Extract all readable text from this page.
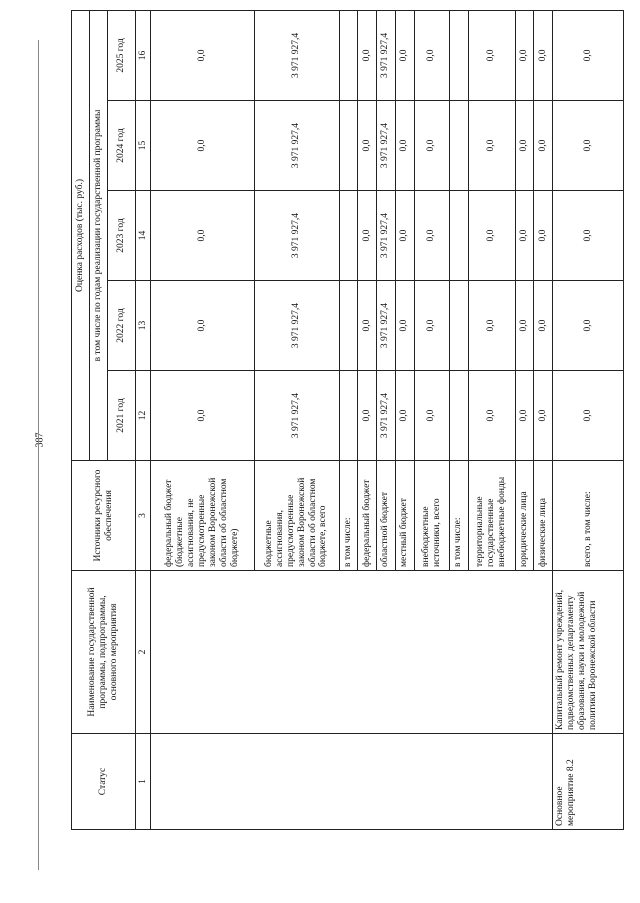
387
Статус	Наименование государственной программы, подпрограммы, основного мероприятия	Источники ресурсного обеспечения	Оценка расходов (тыс. руб.)				
			в том числе по годам реализации государственной программы				
			2021 год	2022 год	2023 год	2024 год	2025 год
1	2	3	12	13	14	15	16
		федеральный бюджет (бюджетные ассигнования, не предусмотренные законом Воронежской области об областном бюджете)	0,0	0,0	0,0	0,0	0,0
		бюджетные ассигнования, предусмотренные законом Воронежской области об областном бюджете, всего	3 971 927,4	3 971 927,4	3 971 927,4	3 971 927,4	3 971 927,4
		в том числе:					
		федеральный бюджет	0,0	0,0	0,0	0,0	0,0
		областной бюджет	3 971 927,4	3 971 927,4	3 971 927,4	3 971 927,4	3 971 927,4
		местный бюджет	0,0	0,0	0,0	0,0	0,0
		внебюджетные источники, всего	0,0	0,0	0,0	0,0	0,0
		в том числе:					
		территориальные государственные внебюджетные фонды	0,0	0,0	0,0	0,0	0,0
		юридические лица	0,0	0,0	0,0	0,0	0,0
		физические лица	0,0	0,0	0,0	0,0	0,0
Основное мероприятие 8.2	Капитальный ремонт учреждений, подведомственных департаменту образования, науки и молодежной политики Воронежской области	всего, в том числе:	0,0	0,0	0,0	0,0	0,0
